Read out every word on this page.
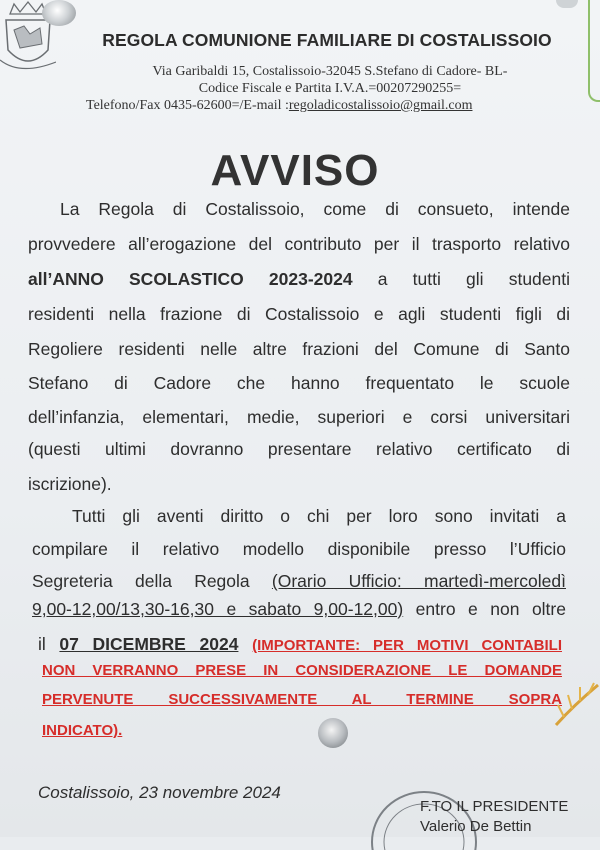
REGOLA COMUNIONE FAMILIARE DI COSTALISSOIO
Via Garibaldi 15, Costalissoio-32045 S.Stefano di Cadore- BL-
Codice Fiscale e Partita I.V.A.=00207290255=
Telefono/Fax 0435-62600=/E-mail :regoladicostalissoio@gmail.com
AVVISO
La Regola di Costalissoio, come di consueto, intende
provvedere all’erogazione del contributo per il trasporto relativo
all’ANNO SCOLASTICO 2023-2024 a tutti gli studenti
residenti nella frazione di Costalissoio e agli studenti figli di
Regoliere residenti nelle altre frazioni del Comune di Santo
Stefano di Cadore che hanno frequentato le scuole
dell’infanzia, elementari, medie, superiori e corsi universitari
(questi ultimi dovranno presentare relativo certificato di
iscrizione).
Tutti gli aventi diritto o chi per loro sono invitati a
compilare il relativo modello disponibile presso l’Ufficio
Segreteria della Regola (Orario Ufficio: martedì-mercoledì
9,00-12,00/13,30-16,30 e sabato 9,00-12,00) entro e non oltre
il 07 DICEMBRE 2024 (IMPORTANTE: PER MOTIVI CONTABILI
NON VERRANNO PRESE IN CONSIDERAZIONE LE DOMANDE
PERVENUTE SUCCESSIVAMENTE AL TERMINE SOPRA
INDICATO).
Costalissoio, 23 novembre 2024
F.TO IL PRESIDENTE
Valerio De Bettin
